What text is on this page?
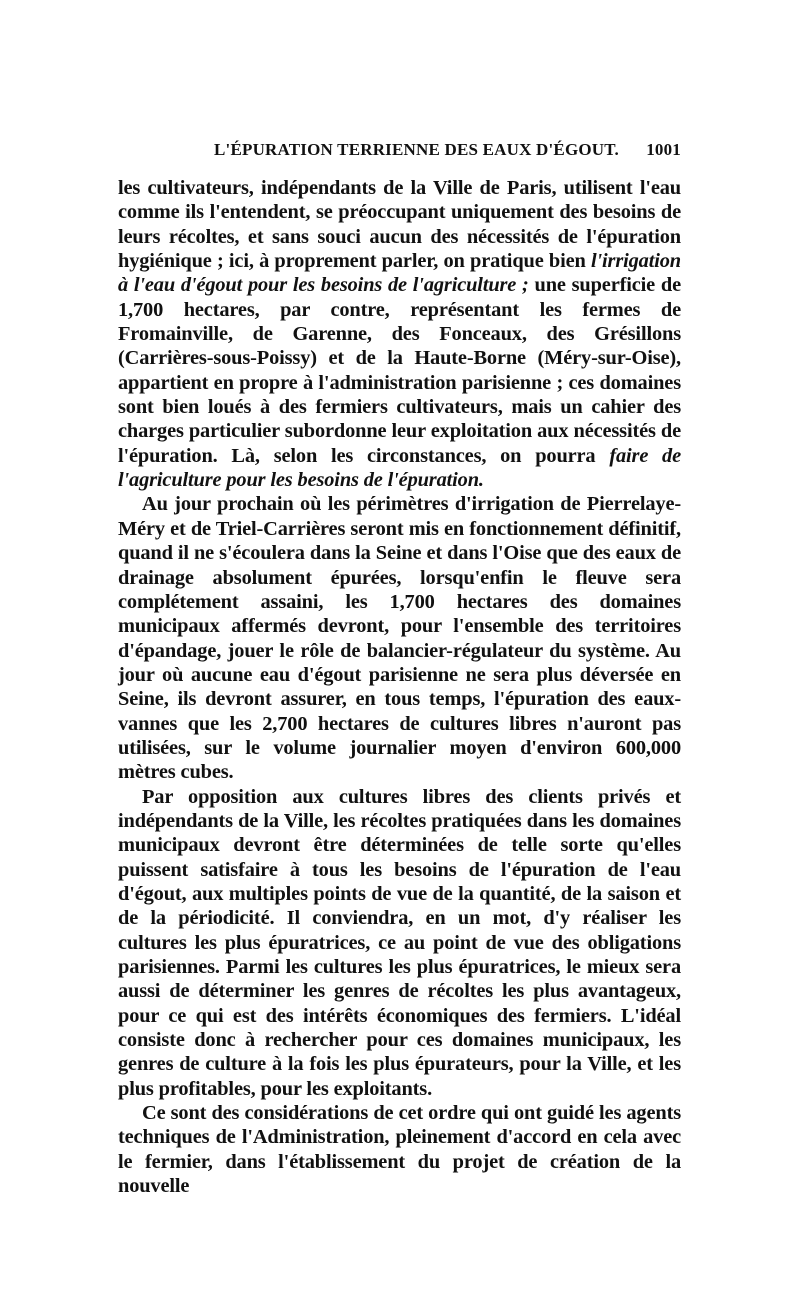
L'ÉPURATION TERRIENNE DES EAUX D'ÉGOUT. 1001

les cultivateurs, indépendants de la Ville de Paris, utilisent l'eau comme ils l'entendent, se préoccupant uniquement des besoins de leurs récoltes, et sans souci aucun des nécessités de l'épuration hygiénique ; ici, à proprement parler, on pratique bien l'irrigation à l'eau d'égout pour les besoins de l'agriculture ; une superficie de 1,700 hectares, par contre, représentant les fermes de Fromainville, de Garenne, des Fonceaux, des Grésillons (Carrières-sous-Poissy) et de la Haute-Borne (Méry-sur-Oise), appartient en propre à l'administration parisienne ; ces domaines sont bien loués à des fermiers cultivateurs, mais un cahier des charges particulier subordonne leur exploitation aux nécessités de l'épuration. Là, selon les circonstances, on pourra faire de l'agriculture pour les besoins de l'épuration.

Au jour prochain où les périmètres d'irrigation de Pierrelaye-Méry et de Triel-Carrières seront mis en fonctionnement définitif, quand il ne s'écoulera dans la Seine et dans l'Oise que des eaux de drainage absolument épurées, lorsqu'enfin le fleuve sera complétement assaini, les 1,700 hectares des domaines municipaux affermés devront, pour l'ensemble des territoires d'épandage, jouer le rôle de balancier-régulateur du système. Au jour où aucune eau d'égout parisienne ne sera plus déversée en Seine, ils devront assurer, en tous temps, l'épuration des eaux-vannes que les 2,700 hectares de cultures libres n'auront pas utilisées, sur le volume journalier moyen d'environ 600,000 mètres cubes.

Par opposition aux cultures libres des clients privés et indépendants de la Ville, les récoltes pratiquées dans les domaines municipaux devront être déterminées de telle sorte qu'elles puissent satisfaire à tous les besoins de l'épuration de l'eau d'égout, aux multiples points de vue de la quantité, de la saison et de la périodicité. Il conviendra, en un mot, d'y réaliser les cultures les plus épuratrices, ce au point de vue des obligations parisiennes. Parmi les cultures les plus épuratrices, le mieux sera aussi de déterminer les genres de récoltes les plus avantageux, pour ce qui est des intérêts économiques des fermiers. L'idéal consiste donc à rechercher pour ces domaines municipaux, les genres de culture à la fois les plus épurateurs, pour la Ville, et les plus profitables, pour les exploitants.

Ce sont des considérations de cet ordre qui ont guidé les agents techniques de l'Administration, pleinement d'accord en cela avec le fermier, dans l'établissement du projet de création de la nouvelle
